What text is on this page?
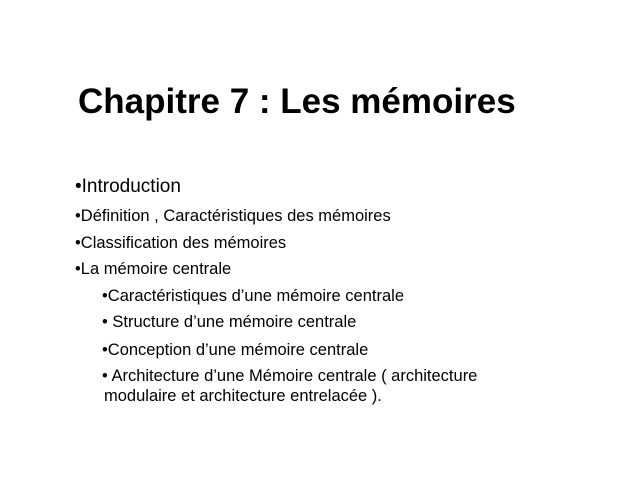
Chapitre 7 : Les mémoires
•Introduction
•Définition , Caractéristiques des mémoires
•Classification des mémoires
•La mémoire centrale
•Caractéristiques d’une mémoire centrale
• Structure d’une mémoire centrale
•Conception d’une mémoire centrale
• Architecture d’une Mémoire centrale ( architecture
modulaire et architecture entrelacée ).
